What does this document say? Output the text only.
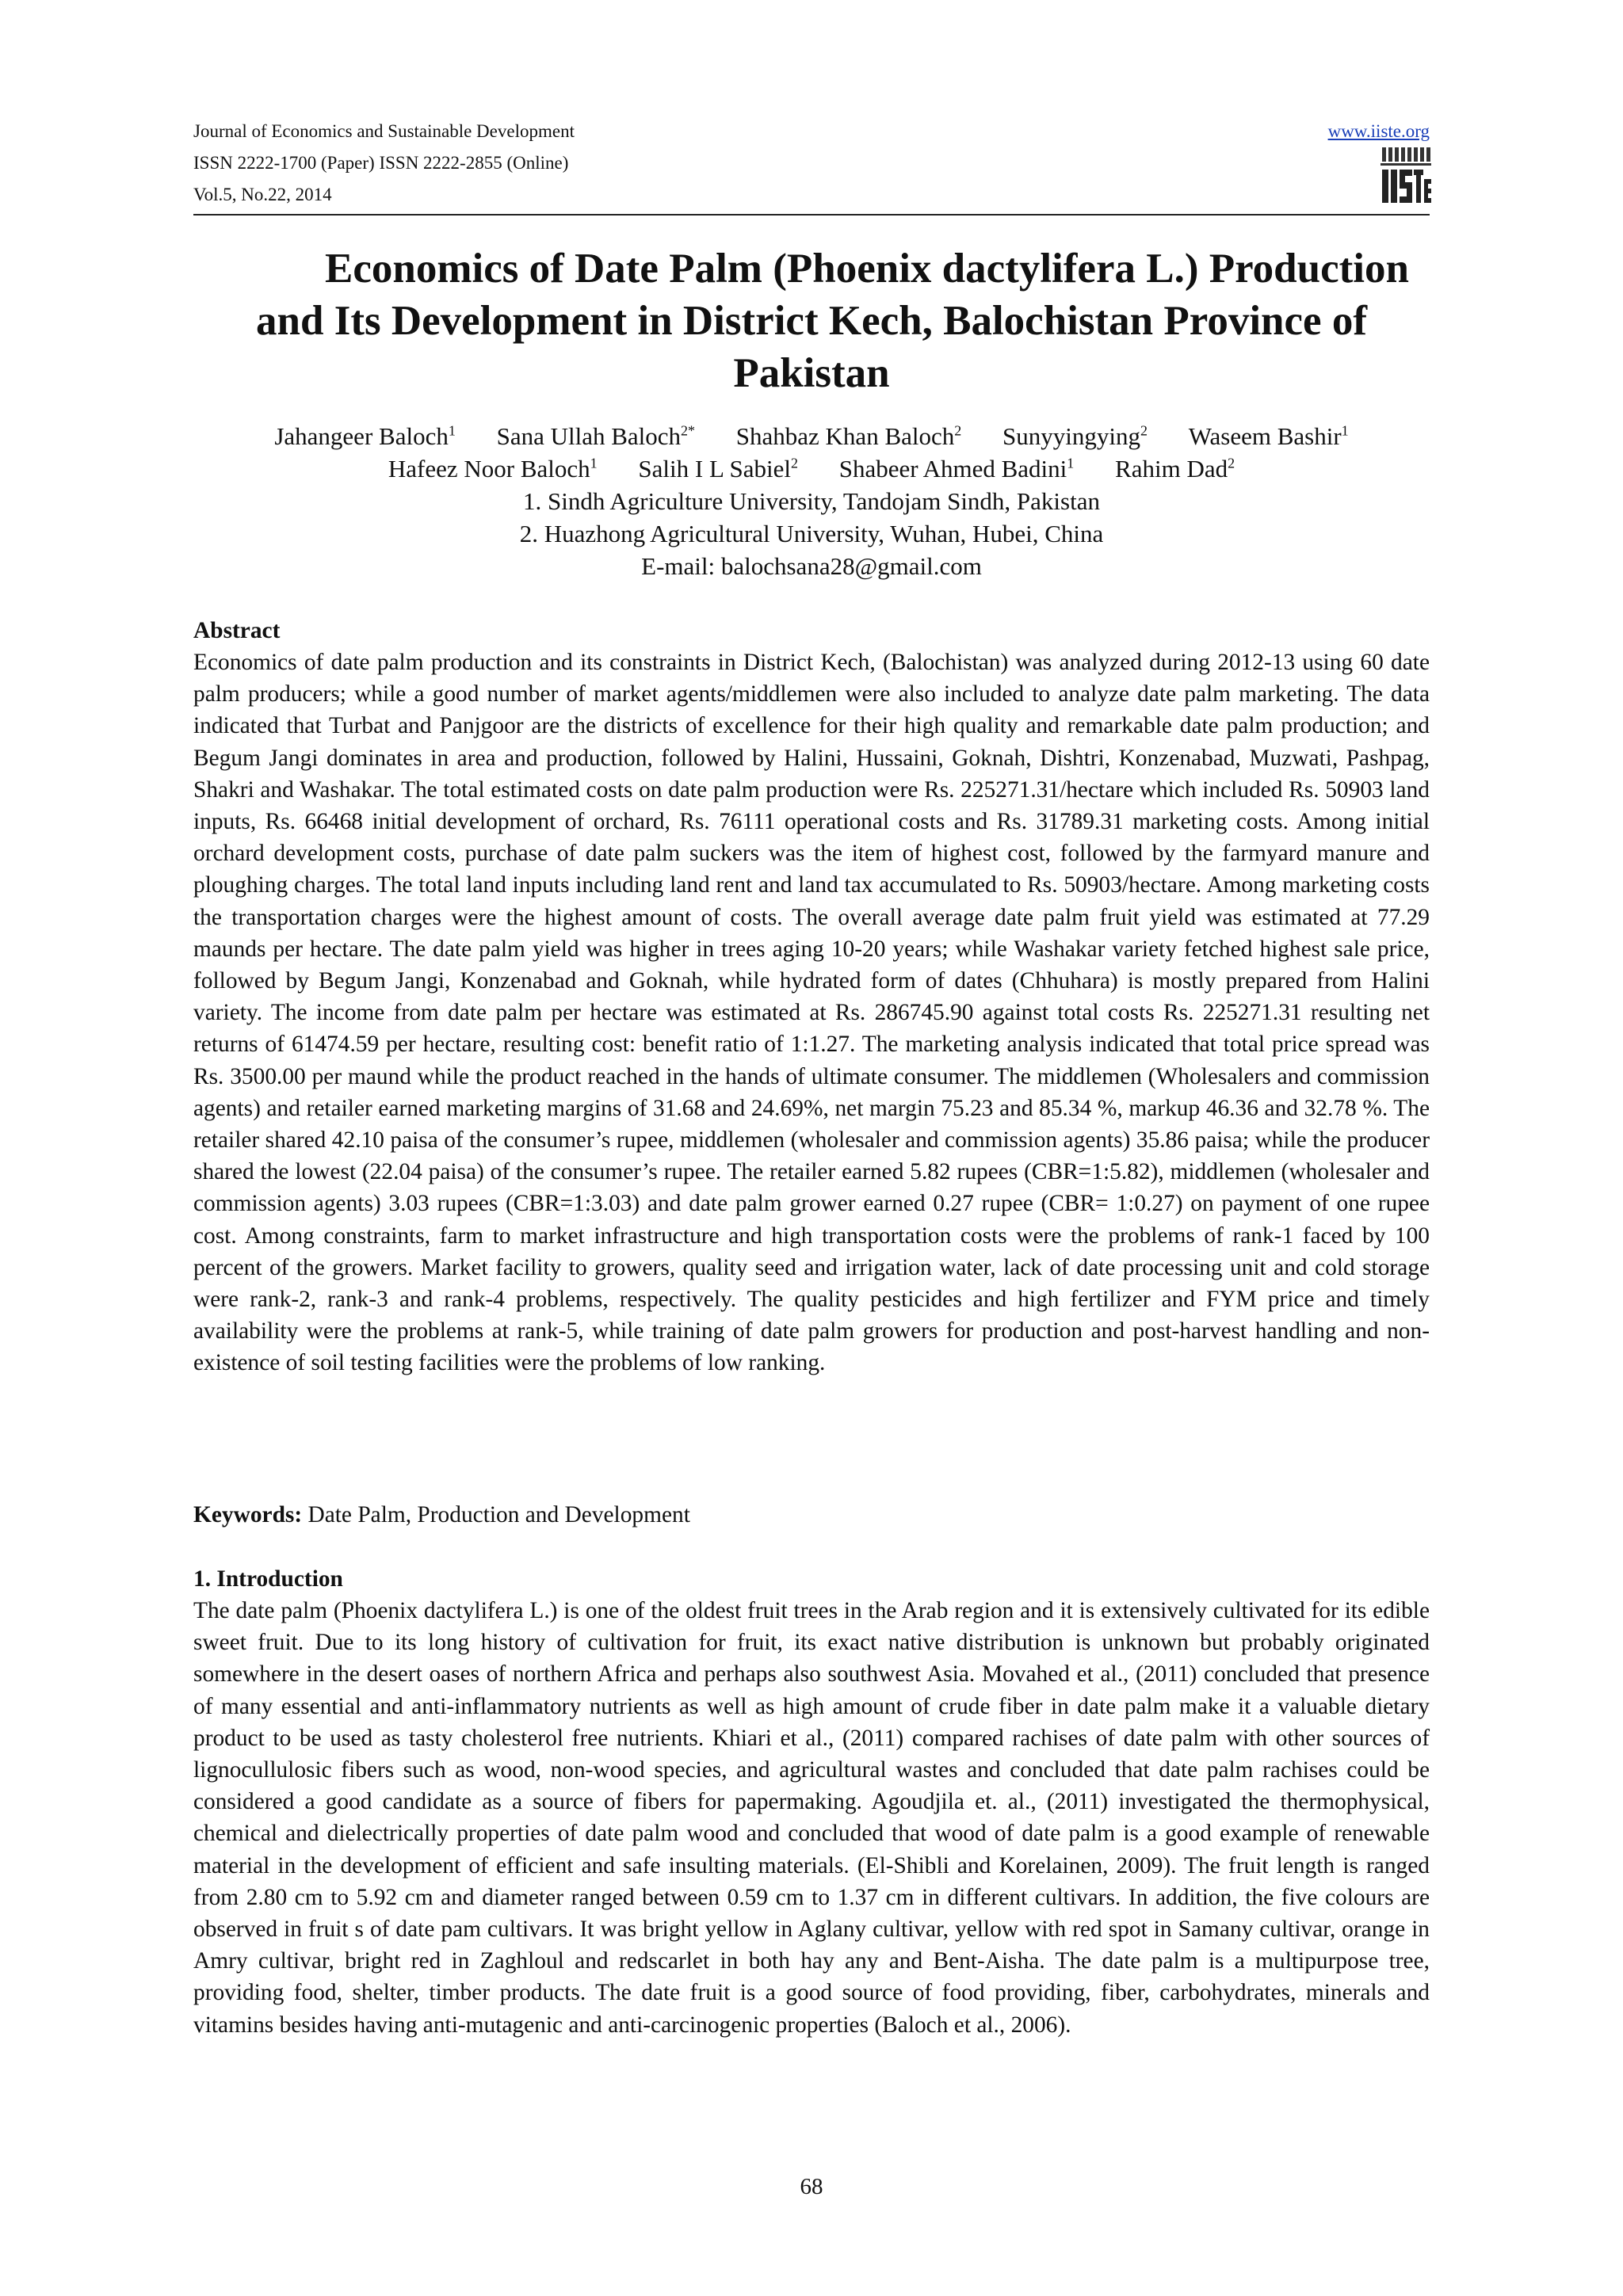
Journal of Economics and Sustainable Development
ISSN 2222-1700 (Paper) ISSN 2222-2855 (Online)
Vol.5, No.22, 2014
www.iiste.org
Economics of Date Palm (Phoenix dactylifera L.) Production
and Its Development in District Kech, Balochistan Province of
Pakistan
Jahangeer Baloch$^1$ Sana Ullah Baloch$^{2*}$ Shahbaz Khan Baloch$^2$ Sunyyingying$^2$ Waseem Bashir$^1$
Hafeez Noor Baloch$^1$ Salih I L Sabiel$^2$ Shabeer Ahmed Badini$^1$ Rahim Dad$^2$
1. Sindh Agriculture University, Tandojam Sindh, Pakistan
2. Huazhong Agricultural University, Wuhan, Hubei, China
E-mail: balochsana28@gmail.com
Abstract
Economics of date palm production and its constraints in District Kech, (Balochistan) was analyzed during 2012-13 using 60 date palm producers; while a good number of market agents/middlemen were also included to analyze date palm marketing. The data indicated that Turbat and Panjgoor are the districts of excellence for their high quality and remarkable date palm production; and Begum Jangi dominates in area and production, followed by Halini, Hussaini, Goknah, Dishtri, Konzenabad, Muzwati, Pashpag, Shakri and Washakar. The total estimated costs on date palm production were Rs. 225271.31/hectare which included Rs. 50903 land inputs, Rs. 66468 initial development of orchard, Rs. 76111 operational costs and Rs. 31789.31 marketing costs. Among initial orchard development costs, purchase of date palm suckers was the item of highest cost, followed by the farmyard manure and ploughing charges. The total land inputs including land rent and land tax accumulated to Rs. 50903/hectare. Among marketing costs the transportation charges were the highest amount of costs. The overall average date palm fruit yield was estimated at 77.29 maunds per hectare. The date palm yield was higher in trees aging 10-20 years; while Washakar variety fetched highest sale price, followed by Begum Jangi, Konzenabad and Goknah, while hydrated form of dates (Chhuhara) is mostly prepared from Halini variety. The income from date palm per hectare was estimated at Rs. 286745.90 against total costs Rs. 225271.31 resulting net returns of 61474.59 per hectare, resulting cost: benefit ratio of 1:1.27. The marketing analysis indicated that total price spread was Rs. 3500.00 per maund while the product reached in the hands of ultimate consumer. The middlemen (Wholesalers and commission agents) and retailer earned marketing margins of 31.68 and 24.69%, net margin 75.23 and 85.34 %, markup 46.36 and 32.78 %. The retailer shared 42.10 paisa of the consumer’s rupee, middlemen (wholesaler and commission agents) 35.86 paisa; while the producer shared the lowest (22.04 paisa) of the consumer’s rupee. The retailer earned 5.82 rupees (CBR=1:5.82), middlemen (wholesaler and commission agents) 3.03 rupees (CBR=1:3.03) and date palm grower earned 0.27 rupee (CBR= 1:0.27) on payment of one rupee cost. Among constraints, farm to market infrastructure and high transportation costs were the problems of rank-1 faced by 100 percent of the growers. Market facility to growers, quality seed and irrigation water, lack of date processing unit and cold storage were rank-2, rank-3 and rank-4 problems, respectively. The quality pesticides and high fertilizer and FYM price and timely availability were the problems at rank-5, while training of date palm growers for production and post-harvest handling and non-existence of soil testing facilities were the problems of low ranking.
Keywords: Date Palm, Production and Development
1. Introduction
The date palm (Phoenix dactylifera L.) is one of the oldest fruit trees in the Arab region and it is extensively cultivated for its edible sweet fruit. Due to its long history of cultivation for fruit, its exact native distribution is unknown but probably originated somewhere in the desert oases of northern Africa and perhaps also southwest Asia. Movahed et al., (2011) concluded that presence of many essential and anti-inflammatory nutrients as well as high amount of crude fiber in date palm make it a valuable dietary product to be used as tasty cholesterol free nutrients. Khiari et al., (2011) compared rachises of date palm with other sources of lignocullulosic fibers such as wood, non-wood species, and agricultural wastes and concluded that date palm rachises could be considered a good candidate as a source of fibers for papermaking. Agoudjila et. al., (2011) investigated the thermophysical, chemical and dielectrically properties of date palm wood and concluded that wood of date palm is a good example of renewable material in the development of efficient and safe insulting materials. (El-Shibli and Korelainen, 2009). The fruit length is ranged from 2.80 cm to 5.92 cm and diameter ranged between 0.59 cm to 1.37 cm in different cultivars. In addition, the five colours are observed in fruit s of date pam cultivars. It was bright yellow in Aglany cultivar, yellow with red spot in Samany cultivar, orange in Amry cultivar, bright red in Zaghloul and redscarlet in both hay any and Bent-Aisha. The date palm is a multipurpose tree, providing food, shelter, timber products. The date fruit is a good source of food providing, fiber, carbohydrates, minerals and vitamins besides having anti-mutagenic and anti-carcinogenic properties (Baloch et al., 2006).
68
